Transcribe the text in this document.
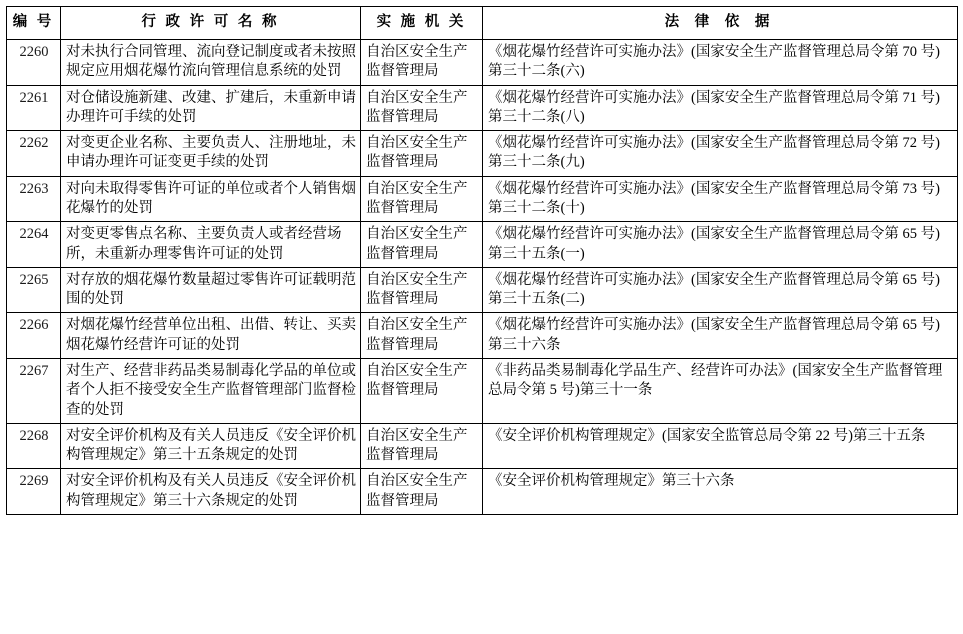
编 号	行 政 许 可 名 称	实 施 机 关	法 律 依 据
2260	对未执行合同管理、流向登记制度或者未按照规定应用烟花爆竹流向管理信息系统的处罚	自治区安全生产监督管理局	《烟花爆竹经营许可实施办法》(国家安全生产监督管理总局令第 70 号)第三十二条(六)
2261	对仓储设施新建、改建、扩建后，未重新申请办理许可手续的处罚	自治区安全生产监督管理局	《烟花爆竹经营许可实施办法》(国家安全生产监督管理总局令第 71 号)第三十二条(八)
2262	对变更企业名称、主要负责人、注册地址，未申请办理许可证变更手续的处罚	自治区安全生产监督管理局	《烟花爆竹经营许可实施办法》(国家安全生产监督管理总局令第 72 号)第三十二条(九)
2263	对向未取得零售许可证的单位或者个人销售烟花爆竹的处罚	自治区安全生产监督管理局	《烟花爆竹经营许可实施办法》(国家安全生产监督管理总局令第 73 号)第三十二条(十)
2264	对变更零售点名称、主要负责人或者经营场所，未重新办理零售许可证的处罚	自治区安全生产监督管理局	《烟花爆竹经营许可实施办法》(国家安全生产监督管理总局令第 65 号)第三十五条(一)
2265	对存放的烟花爆竹数量超过零售许可证载明范围的处罚	自治区安全生产监督管理局	《烟花爆竹经营许可实施办法》(国家安全生产监督管理总局令第 65 号)第三十五条(二)
2266	对烟花爆竹经营单位出租、出借、转让、买卖烟花爆竹经营许可证的处罚	自治区安全生产监督管理局	《烟花爆竹经营许可实施办法》(国家安全生产监督管理总局令第 65 号)第三十六条
2267	对生产、经营非药品类易制毒化学品的单位或者个人拒不接受安全生产监督管理部门监督检查的处罚	自治区安全生产监督管理局	《非药品类易制毒化学品生产、经营许可办法》(国家安全生产监督管理总局令第 5 号)第三十一条
2268	对安全评价机构及有关人员违反《安全评价机构管理规定》第三十五条规定的处罚	自治区安全生产监督管理局	《安全评价机构管理规定》(国家安全监管总局令第 22 号)第三十五条
2269	对安全评价机构及有关人员违反《安全评价机构管理规定》第三十六条规定的处罚	自治区安全生产监督管理局	《安全评价机构管理规定》第三十六条
